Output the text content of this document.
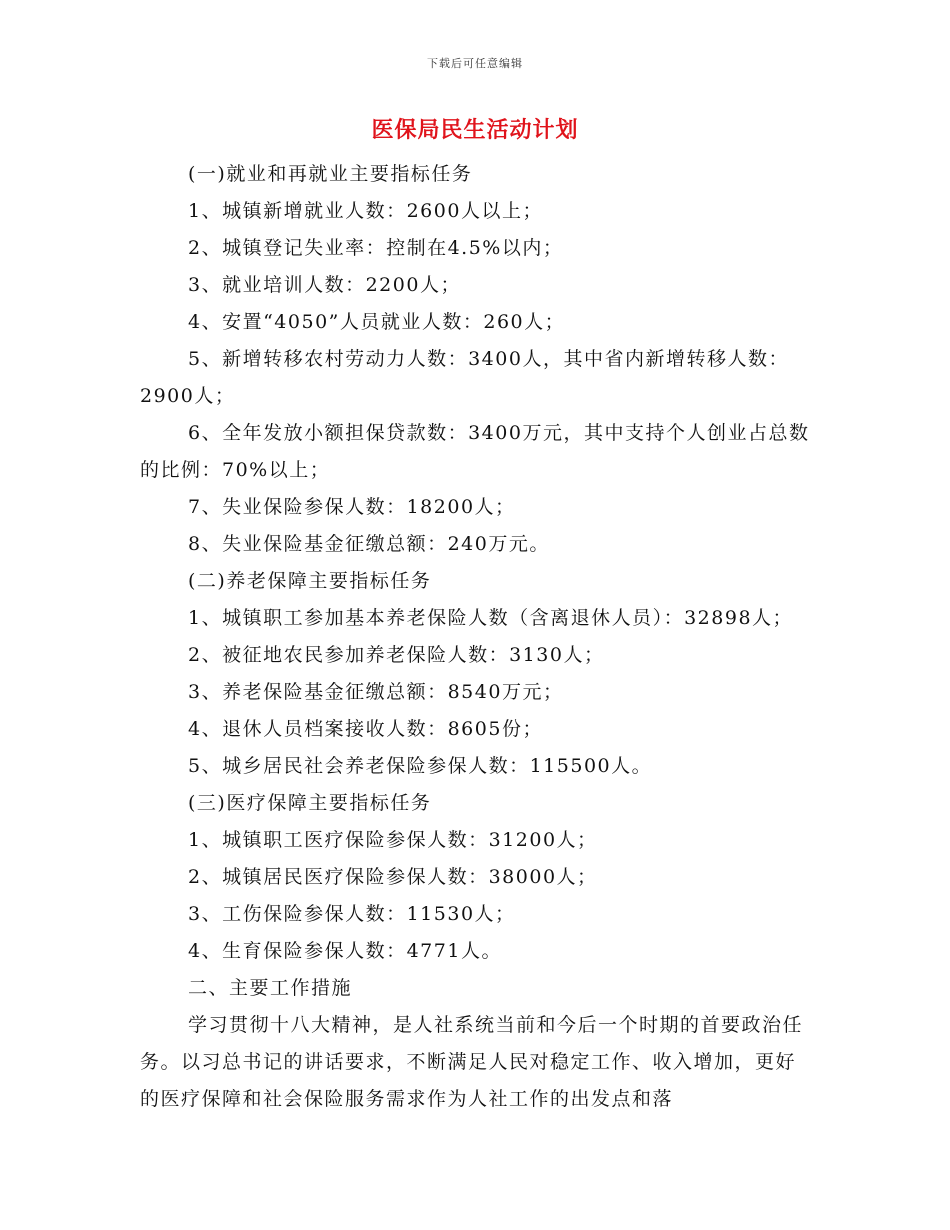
下载后可任意编辑
医保局民生活动计划

(一)就业和再就业主要指标任务

1、城镇新增就业人数：2600人以上；

2、城镇登记失业率：控制在4.5%以内；

3、就业培训人数：2200人；

4、安置“4050”人员就业人数：260人；

5、新增转移农村劳动力人数：3400人，其中省内新增转移人数：2900人；

6、全年发放小额担保贷款数：3400万元，其中支持个人创业占总数的比例：70%以上；

7、失业保险参保人数：18200人；

8、失业保险基金征缴总额：240万元。

(二)养老保障主要指标任务

1、城镇职工参加基本养老保险人数（含离退休人员）：32898人；

2、被征地农民参加养老保险人数：3130人；

3、养老保险基金征缴总额：8540万元；

4、退休人员档案接收人数：8605份；

5、城乡居民社会养老保险参保人数：115500人。

(三)医疗保障主要指标任务

1、城镇职工医疗保险参保人数：31200人；

2、城镇居民医疗保险参保人数：38000人；

3、工伤保险参保人数：11530人；

4、生育保险参保人数：4771人。

二、主要工作措施

学习贯彻十八大精神，是人社系统当前和今后一个时期的首要政治任务。以习总书记的讲话要求，不断满足人民对稳定工作、收入增加，更好的医疗保障和社会保险服务需求作为人社工作的出发点和落
